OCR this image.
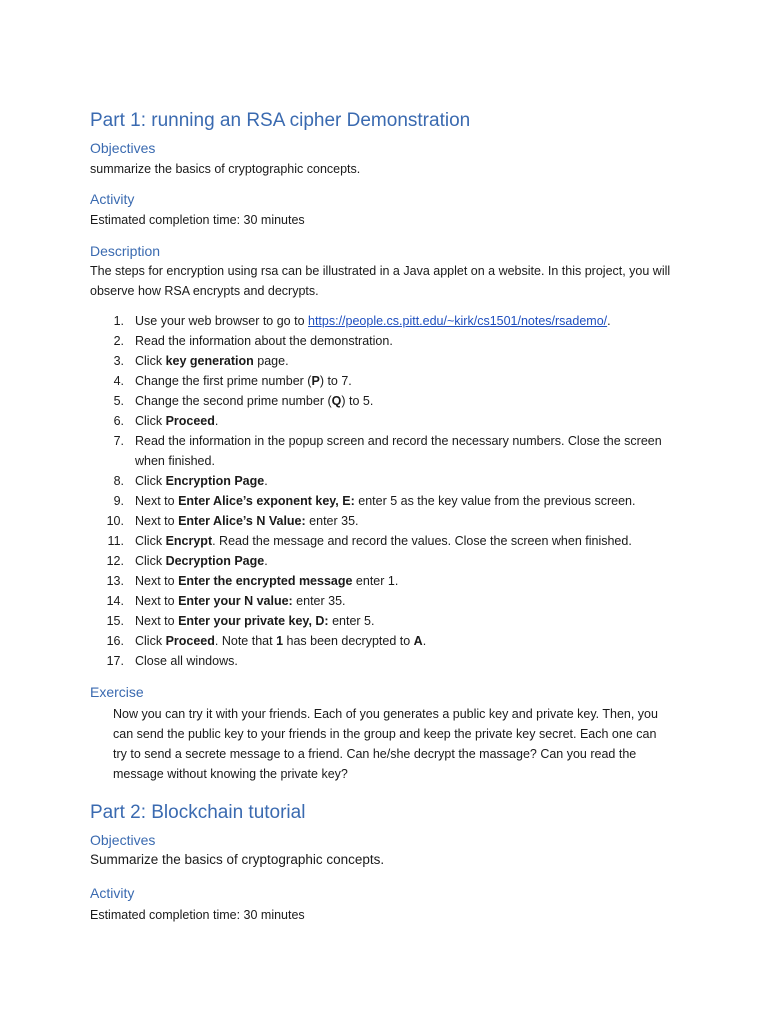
Part 1: running an RSA cipher Demonstration
Objectives
summarize the basics of cryptographic concepts.
Activity
Estimated completion time: 30 minutes
Description
The steps for encryption using rsa can be illustrated in a Java applet on a website. In this project, you will observe how RSA encrypts and decrypts.
1. Use your web browser to go to https://people.cs.pitt.edu/~kirk/cs1501/notes/rsademo/.
2. Read the information about the demonstration.
3. Click key generation page.
4. Change the first prime number (P) to 7.
5. Change the second prime number (Q) to 5.
6. Click Proceed.
7. Read the information in the popup screen and record the necessary numbers. Close the screen when finished.
8. Click Encryption Page.
9. Next to Enter Alice’s exponent key, E: enter 5 as the key value from the previous screen.
10. Next to Enter Alice’s N Value: enter 35.
11. Click Encrypt. Read the message and record the values. Close the screen when finished.
12. Click Decryption Page.
13. Next to Enter the encrypted message enter 1.
14. Next to Enter your N value: enter 35.
15. Next to Enter your private key, D: enter 5.
16. Click Proceed. Note that 1 has been decrypted to A.
17. Close all windows.
Exercise
Now you can try it with your friends. Each of you generates a public key and private key. Then, you can send the public key to your friends in the group and keep the private key secret. Each one can try to send a secrete message to a friend. Can he/she decrypt the massage? Can you read the message without knowing the private key?
Part 2: Blockchain tutorial
Objectives
Summarize the basics of cryptographic concepts.
Activity
Estimated completion time: 30 minutes
